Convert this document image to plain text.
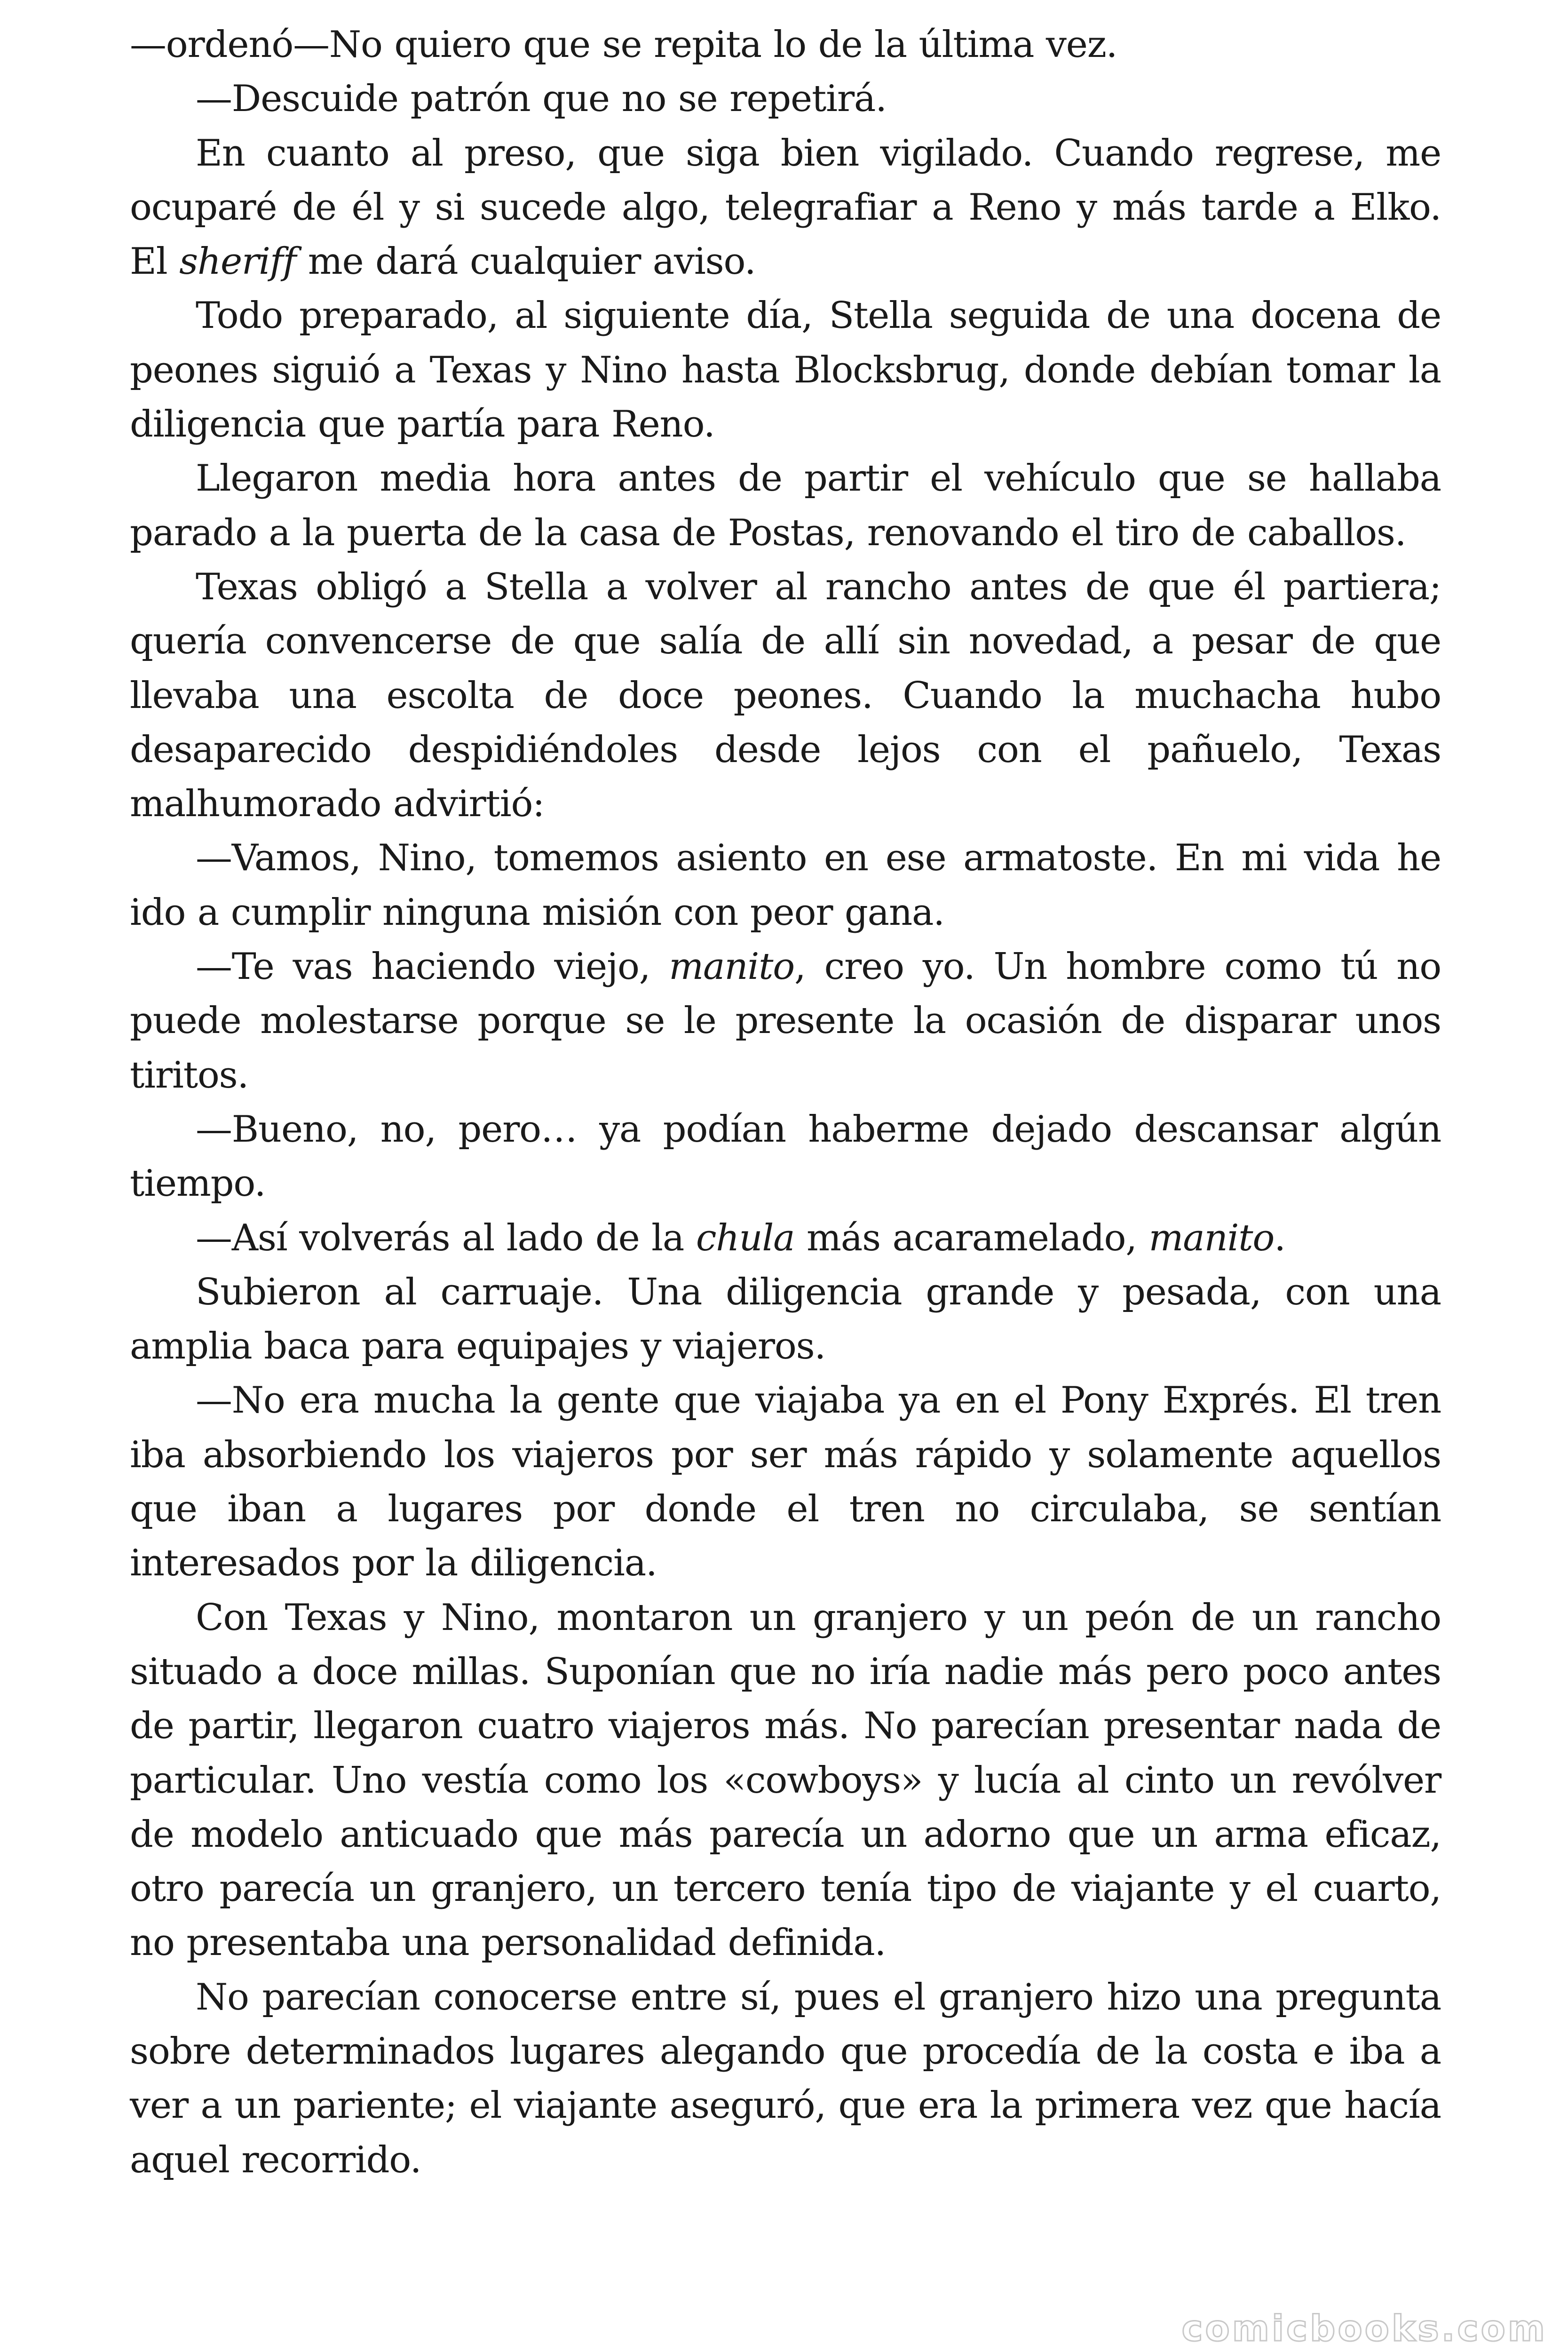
—ordenó—No quiero que se repita lo de la última vez.

—Descuide patrón que no se repetirá.

En cuanto al preso, que siga bien vigilado. Cuando regrese, me ocuparé de él y si sucede algo, telegrafiar a Reno y más tarde a Elko. El sheriff me dará cualquier aviso.

Todo preparado, al siguiente día, Stella seguida de una docena de peones siguió a Texas y Nino hasta Blocksbrug, donde debían tomar la diligencia que partía para Reno.

Llegaron media hora antes de partir el vehículo que se hallaba parado a la puerta de la casa de Postas, renovando el tiro de caballos.

Texas obligó a Stella a volver al rancho antes de que él partiera; quería convencerse de que salía de allí sin novedad, a pesar de que llevaba una escolta de doce peones. Cuando la muchacha hubo desaparecido despidiéndoles desde lejos con el pañuelo, Texas malhumorado advirtió:

—Vamos, Nino, tomemos asiento en ese armatoste. En mi vida he ido a cumplir ninguna misión con peor gana.

—Te vas haciendo viejo, manito, creo yo. Un hombre como tú no puede molestarse porque se le presente la ocasión de disparar unos tiritos.

—Bueno, no, pero… ya podían haberme dejado descansar algún tiempo.

—Así volverás al lado de la chula más acaramelado, manito.

Subieron al carruaje. Una diligencia grande y pesada, con una amplia baca para equipajes y viajeros.

—No era mucha la gente que viajaba ya en el Pony Exprés. El tren iba absorbiendo los viajeros por ser más rápido y solamente aquellos que iban a lugares por donde el tren no circulaba, se sentían interesados por la diligencia.

Con Texas y Nino, montaron un granjero y un peón de un rancho situado a doce millas. Suponían que no iría nadie más pero poco antes de partir, llegaron cuatro viajeros más. No parecían presentar nada de particular. Uno vestía como los «cowboys» y lucía al cinto un revólver de modelo anticuado que más parecía un adorno que un arma eficaz, otro parecía un granjero, un tercero tenía tipo de viajante y el cuarto, no presentaba una personalidad definida.

No parecían conocerse entre sí, pues el granjero hizo una pregunta sobre determinados lugares alegando que procedía de la costa e iba a ver a un pariente; el viajante aseguró, que era la primera vez que hacía aquel recorrido.

comicbooks.com
